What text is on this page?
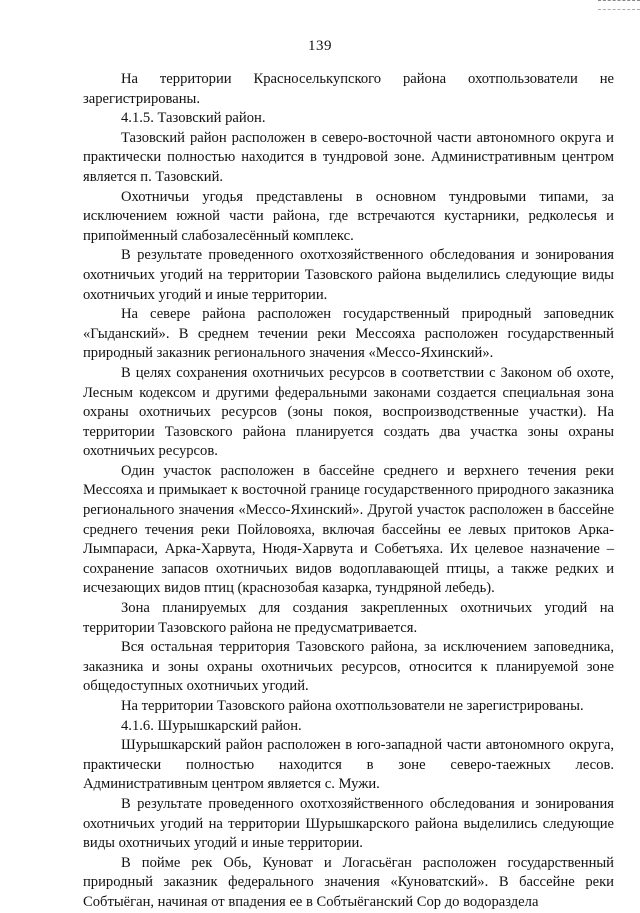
139

На территории Красноселькупского района охотпользователи не зарегистрированы.

4.1.5. Тазовский район.

Тазовский район расположен в северо-восточной части автономного округа и практически полностью находится в тундровой зоне. Административным центром является п. Тазовский.

Охотничьи угодья представлены в основном тундровыми типами, за исключением южной части района, где встречаются кустарники, редколесья и припойменный слабозалесённый комплекс.

В результате проведенного охотхозяйственного обследования и зонирования охотничьих угодий на территории Тазовского района выделились следующие виды охотничьих угодий и иные территории.

На севере района расположен государственный природный заповедник «Гыданский». В среднем течении реки Мессояха расположен государственный природный заказник регионального значения «Мессо-Яхинский».

В целях сохранения охотничьих ресурсов в соответствии с Законом об охоте, Лесным кодексом и другими федеральными законами создается специальная зона охраны охотничьих ресурсов (зоны покоя, воспроизводственные участки). На территории Тазовского района планируется создать два участка зоны охраны охотничьих ресурсов.

Один участок расположен в бассейне среднего и верхнего течения реки Мессояха и примыкает к восточной границе государственного природного заказника регионального значения «Мессо-Яхинский». Другой участок расположен в бассейне среднего течения реки Пойловояха, включая бассейны ее левых притоков Арка-Лымпараси, Арка-Харвута, Нюдя-Харвута и Собетъяха. Их целевое назначение – сохранение запасов охотничьих видов водоплавающей птицы, а также редких и исчезающих видов птиц (краснозобая казарка, тундряной лебедь).

Зона планируемых для создания закрепленных охотничьих угодий на территории Тазовского района не предусматривается.

Вся остальная территория Тазовского района, за исключением заповедника, заказника и зоны охраны охотничьих ресурсов, относится к планируемой зоне общедоступных охотничьих угодий.

На территории Тазовского района охотпользователи не зарегистрированы.

4.1.6. Шурышкарский район.

Шурышкарский район расположен в юго-западной части автономного округа, практически полностью находится в зоне северо-таежных лесов. Административным центром является с. Мужи.

В результате проведенного охотхозяйственного обследования и зонирования охотничьих угодий на территории Шурышкарского района выделились следующие виды охотничьих угодий и иные территории.

В пойме рек Обь, Куноват и Логасьёган расположен государственный природный заказник федерального значения «Куноватский». В бассейне реки Собтыёган, начиная от впадения ее в Собтыёганский Сор до водораздела
